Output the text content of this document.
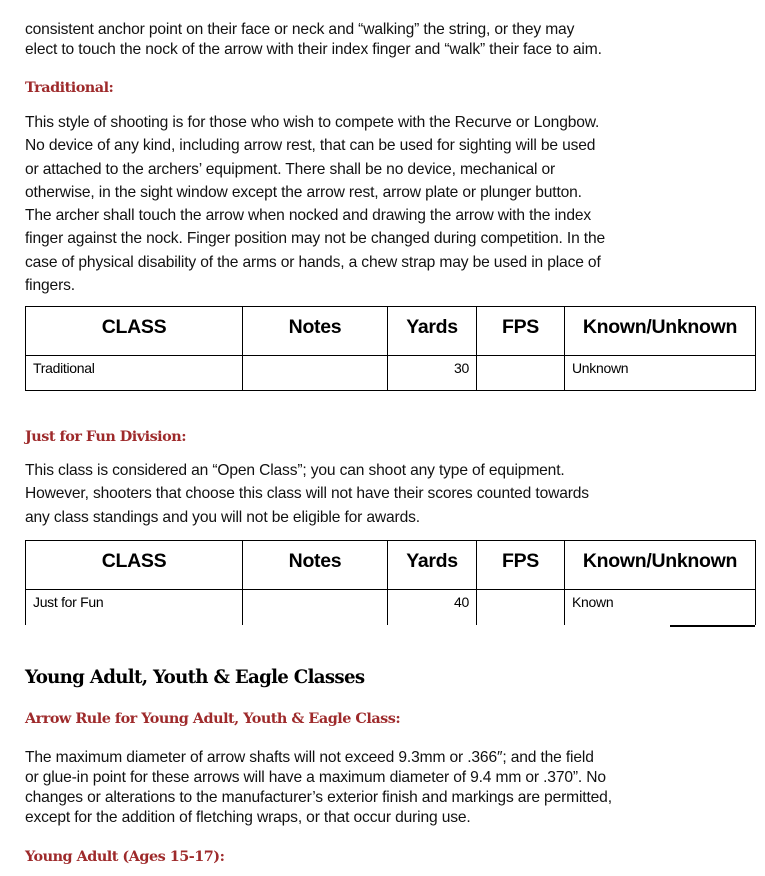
consistent anchor point on their face or neck and “walking” the string, or they may
elect to touch the nock of the arrow with their index finger and “walk” their face to aim.
Traditional:
This style of shooting is for those who wish to compete with the Recurve or Longbow.
No device of any kind, including arrow rest, that can be used for sighting will be used
or attached to the archers’ equipment. There shall be no device, mechanical or
otherwise, in the sight window except the arrow rest, arrow plate or plunger button.
The archer shall touch the arrow when nocked and drawing the arrow with the index
finger against the nock. Finger position may not be changed during competition. In the
case of physical disability of the arms or hands, a chew strap may be used in place of
fingers.
CLASS	Notes	Yards	FPS	Known/Unknown
Traditional		30		Unknown
Just for Fun Division:
This class is considered an “Open Class”; you can shoot any type of equipment.
However, shooters that choose this class will not have their scores counted towards
any class standings and you will not be eligible for awards.
CLASS	Notes	Yards	FPS	Known/Unknown
Just for Fun		40		Known
Young Adult, Youth & Eagle Classes
Arrow Rule for Young Adult, Youth & Eagle Class:
The maximum diameter of arrow shafts will not exceed 9.3mm or .366″; and the field
or glue-in point for these arrows will have a maximum diameter of 9.4 mm or .370”. No
changes or alterations to the manufacturer’s exterior finish and markings are permitted,
except for the addition of fletching wraps, or that occur during use.
Young Adult (Ages 15-17):
